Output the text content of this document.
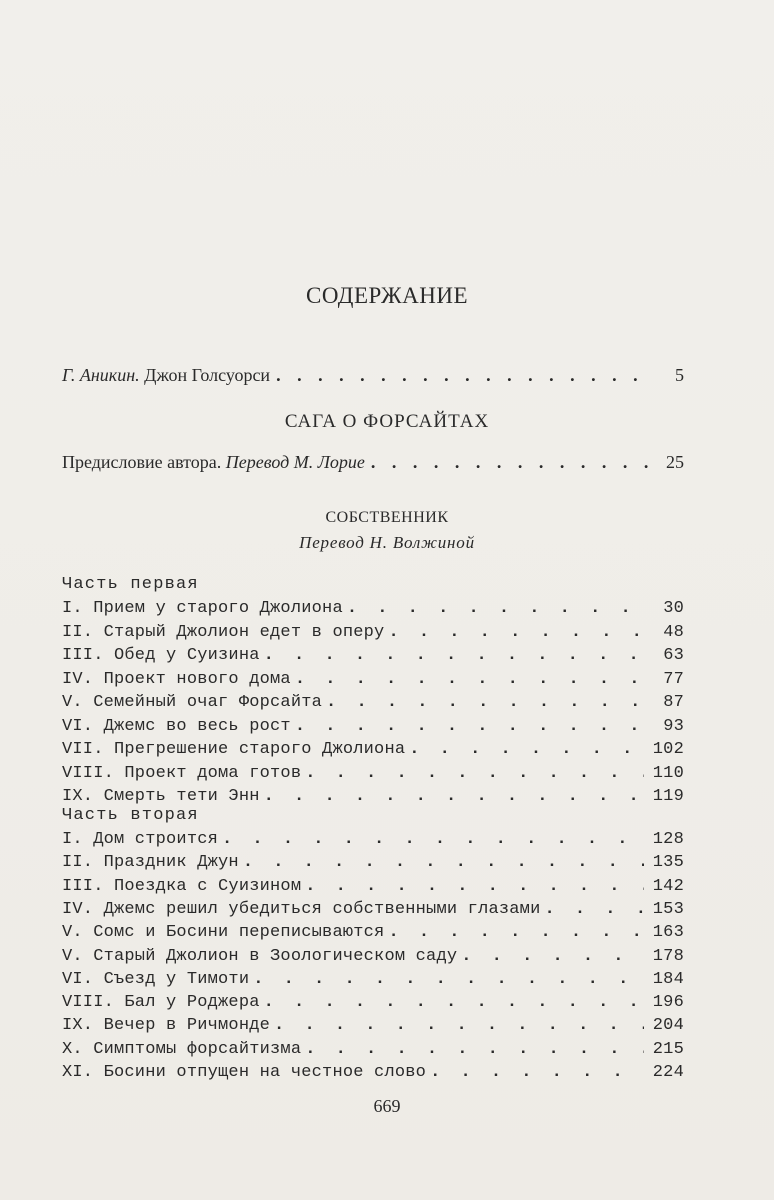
СОДЕРЖАНИЕ
Г. Аникин. Джон Голсуорси . . .	5
САГА О ФОРСАЙТАХ
Предисловие автора. Перевод М. Лорие . . .	25
СОБСТВЕННИК
Перевод Н. Волжиной
Часть первая
I. Прием у старого Джолиона . . .	30
II. Старый Джолион едет в оперу . . .	48
III. Обед у Суизина . . .	63
IV. Проект нового дома . . .	77
V. Семейный очаг Форсайта . . .	87
VI. Джемс во весь рост . . .	93
VII. Прегрешение старого Джолиона . . .	102
VIII. Проект дома готов . . .	110
IX. Смерть тети Энн . . .	119
Часть вторая
I. Дом строится . . .	128
II. Праздник Джун . . .	135
III. Поездка с Суизином . . .	142
IV. Джемс решил убедиться собственными глазами . . .	153
V. Сомс и Босини переписываются . . .	163
V. Старый Джолион в Зоологическом саду . . .	178
VI. Съезд у Тимоти . . .	184
VIII. Бал у Роджера . . .	196
IX. Вечер в Ричмонде . . .	204
X. Симптомы форсайтизма . . .	215
XI. Босини отпущен на честное слово . . .	224
669
